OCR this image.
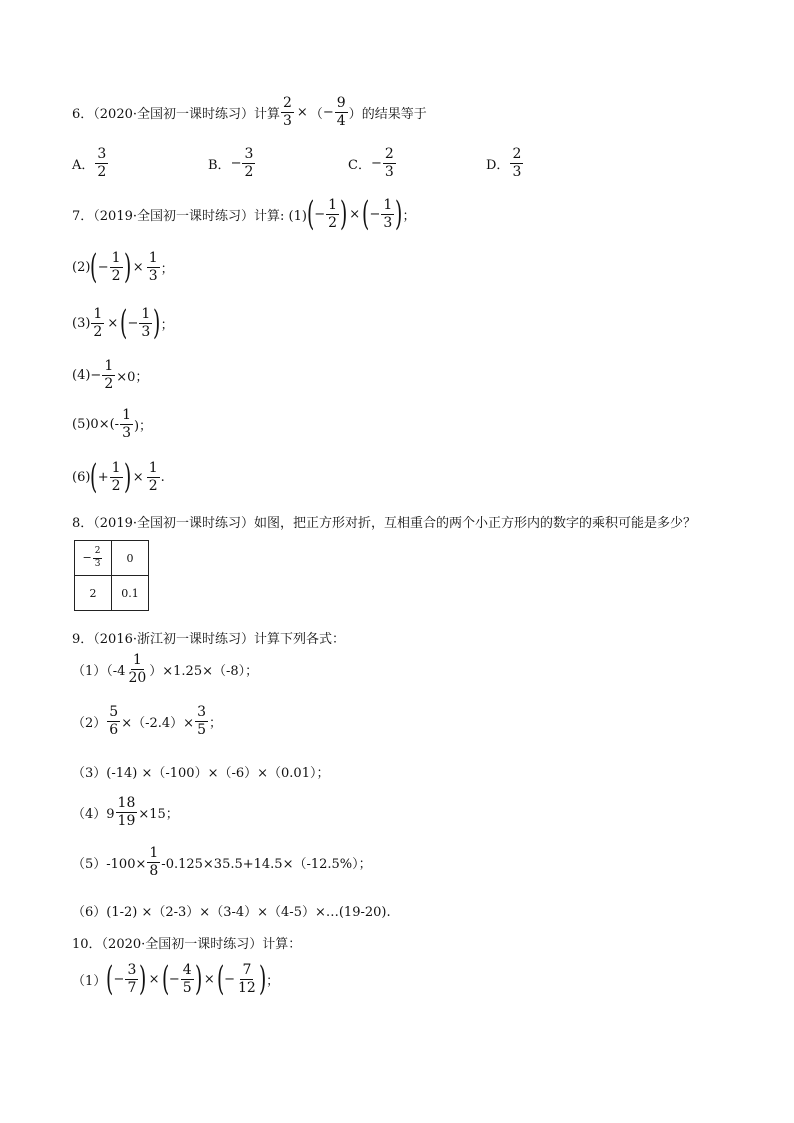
6．（2020·全国初一课时练习）计算 $\frac{2}{3}$ × （ − $\frac{9}{4}$ ） 的结果等于
A． $\frac{3}{2}$	B． − $\frac{3}{2}$	C． − $\frac{2}{3}$	D． $\frac{2}{3}$
7．（2019·全国初一课时练习）计算: (1) ( − $\frac{1}{2}$ ) × ( − $\frac{1}{3}$ ) ；
(2) ( − $\frac{1}{2}$ ) × $\frac{1}{3}$ ；
$(3) \frac{1}{2}$ × ( − $\frac{1}{3}$ ) ；
$(4) - \frac{1}{2} \times 0$；
(5) $0\times(- \frac{1}{3}$ )；
(6) ( + $\frac{1}{2}$ ) × $\frac{1}{2}$ .
8．（2019·全国初一课时练习）如图，把正方形对折，互相重合的两个小正方形内的数字的乘积可能是多少？
− $\frac{2}{3}$	0
2	0.1
9．（2016·浙江初一课时练习）计算下列各式：
$(1)(-4 \frac{1}{20} )\times 1.25\times(-8)$；
$(2) \frac{5}{6} \times(-2.4)\times \frac{3}{5}$ ；
（3）(-14) ×（-100）×（-6）×（0.01）；
$(4)9 \frac{18}{19} \times 15$；
$(5)-100\times \frac{1}{8} -0.125\times 35.5+14.5\times(-12.5\%)$；
（6）(1-2) ×（2-3）×（3-4）×（4-5）×…(19-20).
10．（2020·全国初一课时练习）计算：
（1） ( − $\frac{3}{7}$ ) × ( − $\frac{4}{5}$ ) × ( − $\frac{7}{12}$ ) ；
